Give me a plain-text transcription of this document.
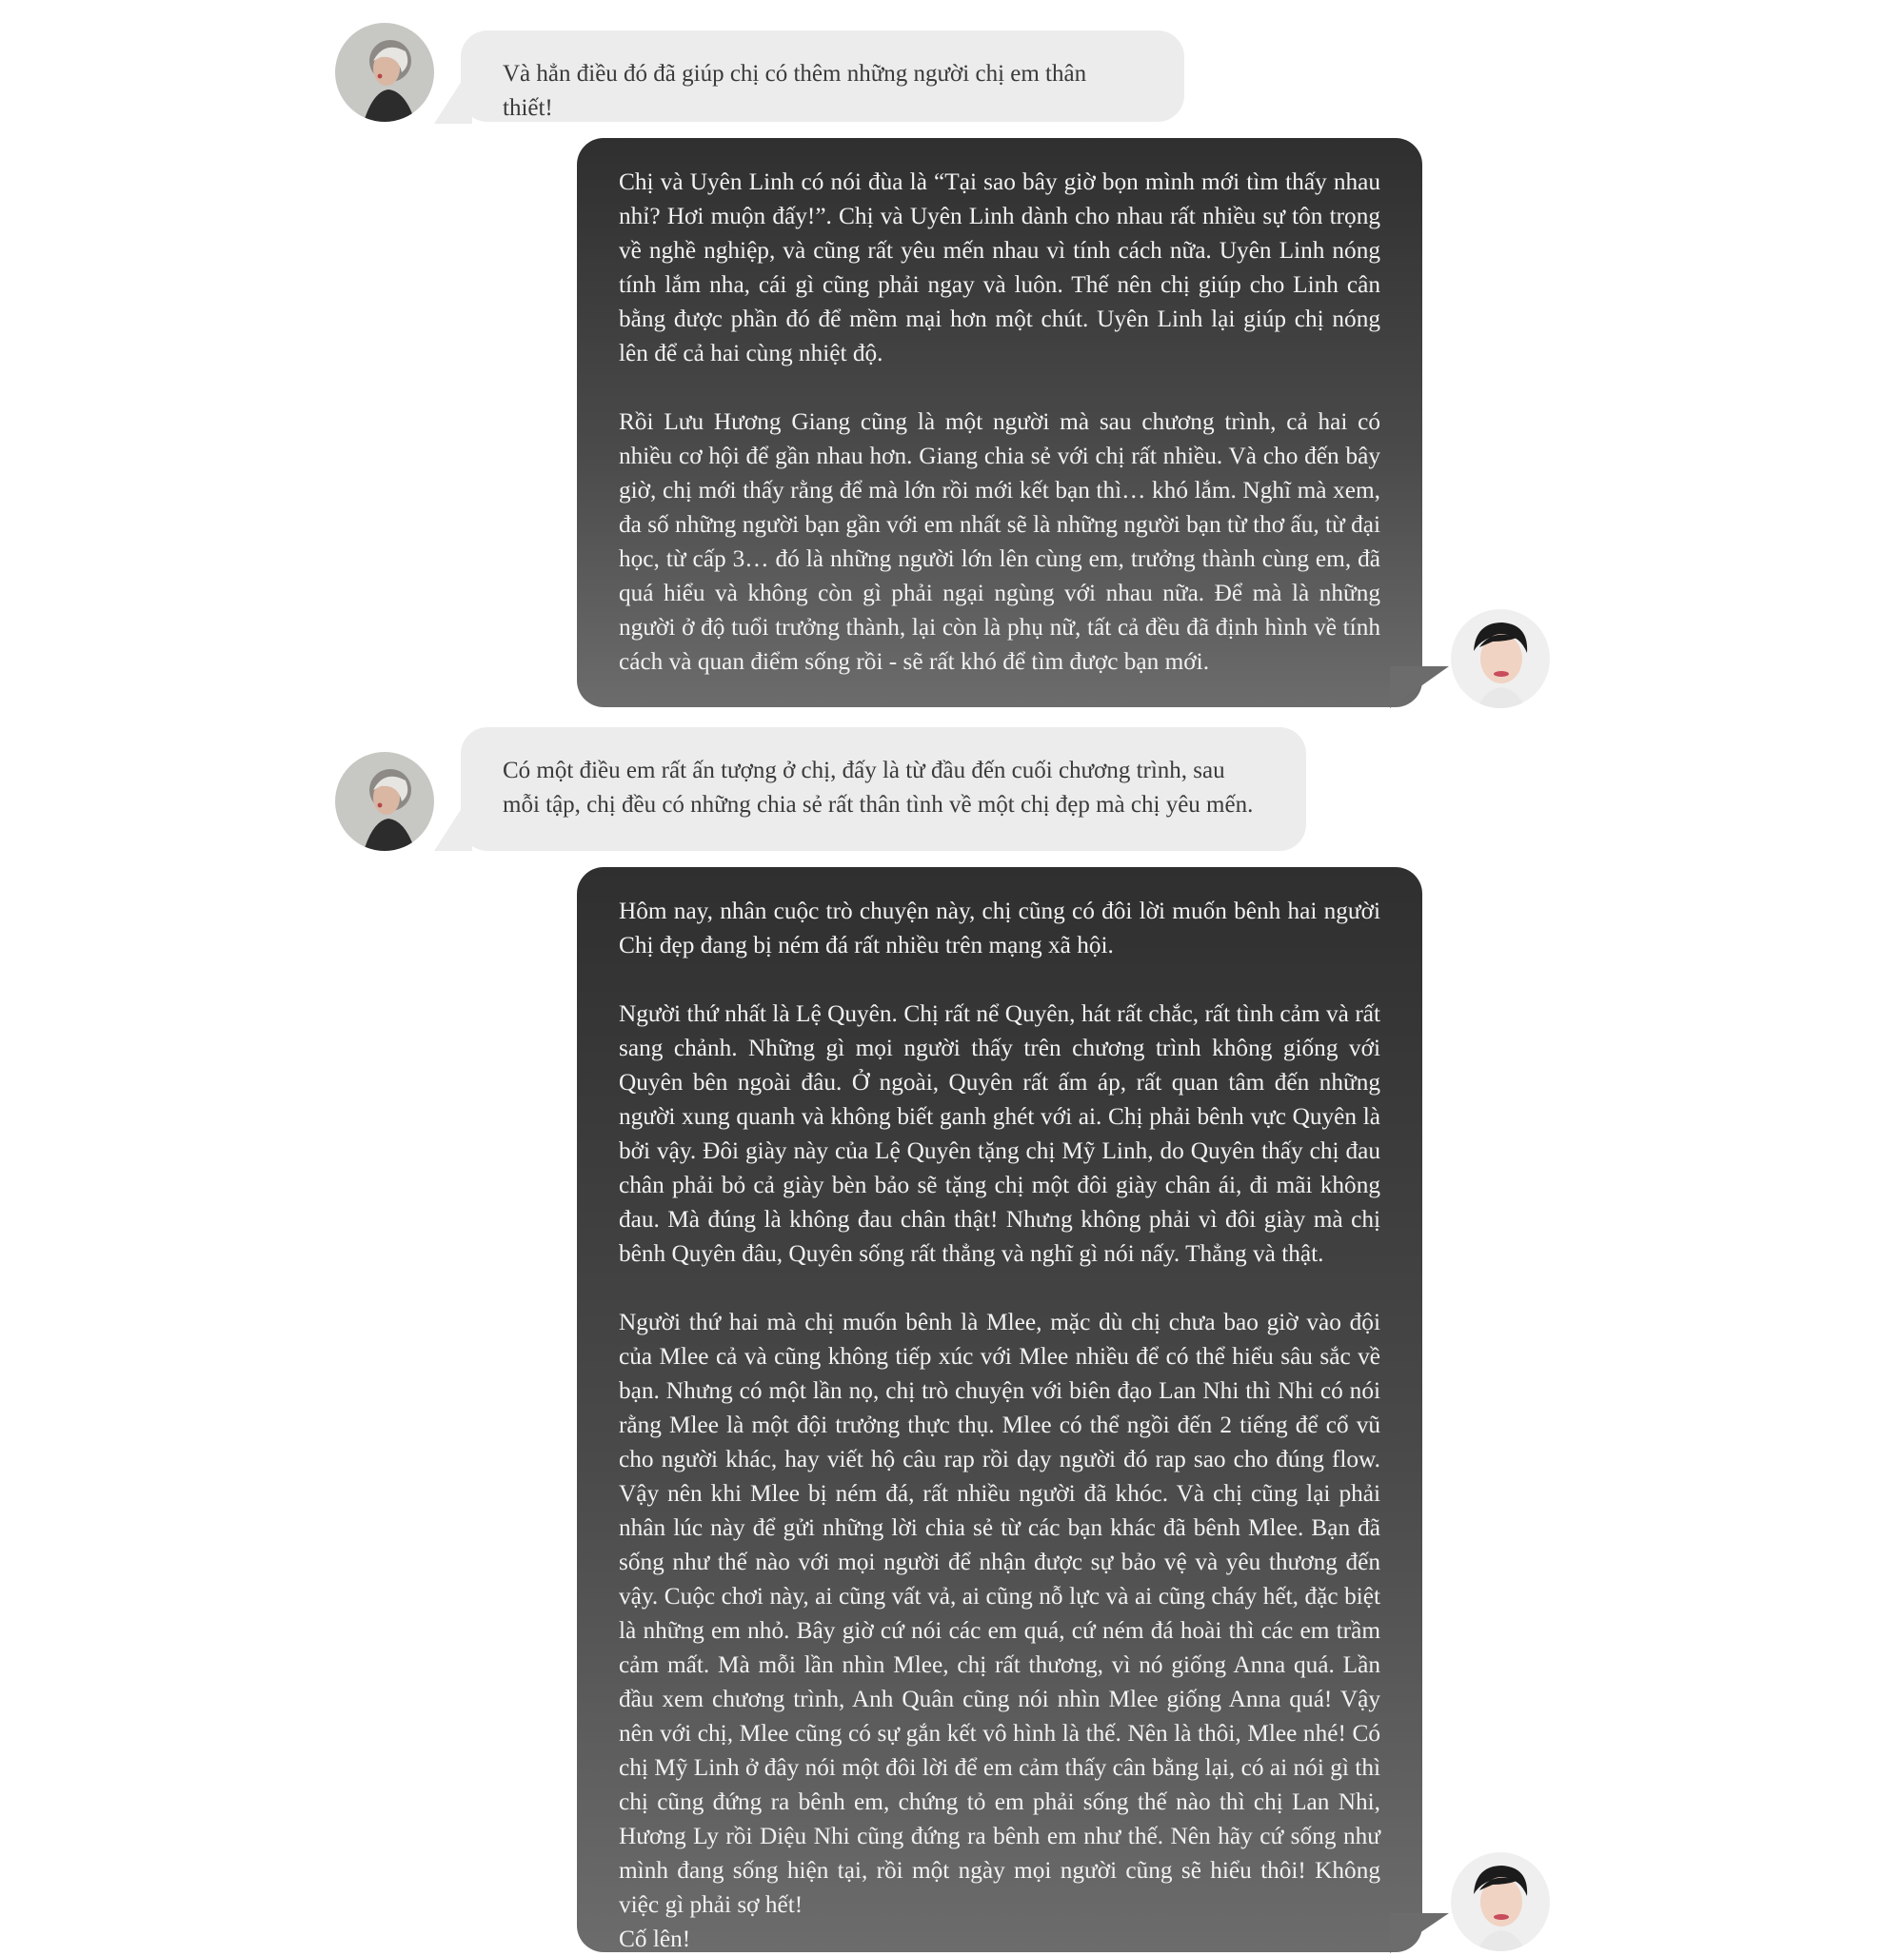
Và hẳn điều đó đã giúp chị có thêm những người chị em thân thiết!

Chị và Uyên Linh có nói đùa là “Tại sao bây giờ bọn mình mới tìm thấy nhau nhỉ? Hơi muộn đấy!”. Chị và Uyên Linh dành cho nhau rất nhiều sự tôn trọng về nghề nghiệp, và cũng rất yêu mến nhau vì tính cách nữa. Uyên Linh nóng tính lắm nha, cái gì cũng phải ngay và luôn. Thế nên chị giúp cho Linh cân bằng được phần đó để mềm mại hơn một chút. Uyên Linh lại giúp chị nóng lên để cả hai cùng nhiệt độ.

Rồi Lưu Hương Giang cũng là một người mà sau chương trình, cả hai có nhiều cơ hội để gần nhau hơn. Giang chia sẻ với chị rất nhiều. Và cho đến bây giờ, chị mới thấy rằng để mà lớn rồi mới kết bạn thì… khó lắm. Nghĩ mà xem, đa số những người bạn gần với em nhất sẽ là những người bạn từ thơ ấu, từ đại học, từ cấp 3… đó là những người lớn lên cùng em, trưởng thành cùng em, đã quá hiểu và không còn gì phải ngại ngùng với nhau nữa. Để mà là những người ở độ tuổi trưởng thành, lại còn là phụ nữ, tất cả đều đã định hình về tính cách và quan điểm sống rồi - sẽ rất khó để tìm được bạn mới.

Có một điều em rất ấn tượng ở chị, đấy là từ đầu đến cuối chương trình, sau mỗi tập, chị đều có những chia sẻ rất thân tình về một chị đẹp mà chị yêu mến.

Hôm nay, nhân cuộc trò chuyện này, chị cũng có đôi lời muốn bênh hai người Chị đẹp đang bị ném đá rất nhiều trên mạng xã hội.

Người thứ nhất là Lệ Quyên. Chị rất nể Quyên, hát rất chắc, rất tình cảm và rất sang chảnh. Những gì mọi người thấy trên chương trình không giống với Quyên bên ngoài đâu. Ở ngoài, Quyên rất ấm áp, rất quan tâm đến những người xung quanh và không biết ganh ghét với ai. Chị phải bênh vực Quyên là bởi vậy. Đôi giày này của Lệ Quyên tặng chị Mỹ Linh, do Quyên thấy chị đau chân phải bỏ cả giày bèn bảo sẽ tặng chị một đôi giày chân ái, đi mãi không đau. Mà đúng là không đau chân thật! Nhưng không phải vì đôi giày mà chị bênh Quyên đâu, Quyên sống rất thẳng và nghĩ gì nói nấy. Thẳng và thật.

Người thứ hai mà chị muốn bênh là Mlee, mặc dù chị chưa bao giờ vào đội của Mlee cả và cũng không tiếp xúc với Mlee nhiều để có thể hiểu sâu sắc về bạn. Nhưng có một lần nọ, chị trò chuyện với biên đạo Lan Nhi thì Nhi có nói rằng Mlee là một đội trưởng thực thụ. Mlee có thể ngồi đến 2 tiếng để cổ vũ cho người khác, hay viết hộ câu rap rồi dạy người đó rap sao cho đúng flow. Vậy nên khi Mlee bị ném đá, rất nhiều người đã khóc. Và chị cũng lại phải nhân lúc này để gửi những lời chia sẻ từ các bạn khác đã bênh Mlee. Bạn đã sống như thế nào với mọi người để nhận được sự bảo vệ và yêu thương đến vậy. Cuộc chơi này, ai cũng vất vả, ai cũng nỗ lực và ai cũng cháy hết, đặc biệt là những em nhỏ. Bây giờ cứ nói các em quá, cứ ném đá hoài thì các em trầm cảm mất. Mà mỗi lần nhìn Mlee, chị rất thương, vì nó giống Anna quá. Lần đầu xem chương trình, Anh Quân cũng nói nhìn Mlee giống Anna quá! Vậy nên với chị, Mlee cũng có sự gắn kết vô hình là thế. Nên là thôi, Mlee nhé! Có chị Mỹ Linh ở đây nói một đôi lời để em cảm thấy cân bằng lại, có ai nói gì thì chị cũng đứng ra bênh em, chứng tỏ em phải sống thế nào thì chị Lan Nhi, Hương Ly rồi Diệu Nhi cũng đứng ra bênh em như thế. Nên hãy cứ sống như mình đang sống hiện tại, rồi một ngày mọi người cũng sẽ hiểu thôi! Không việc gì phải sợ hết!
Cố lên!
